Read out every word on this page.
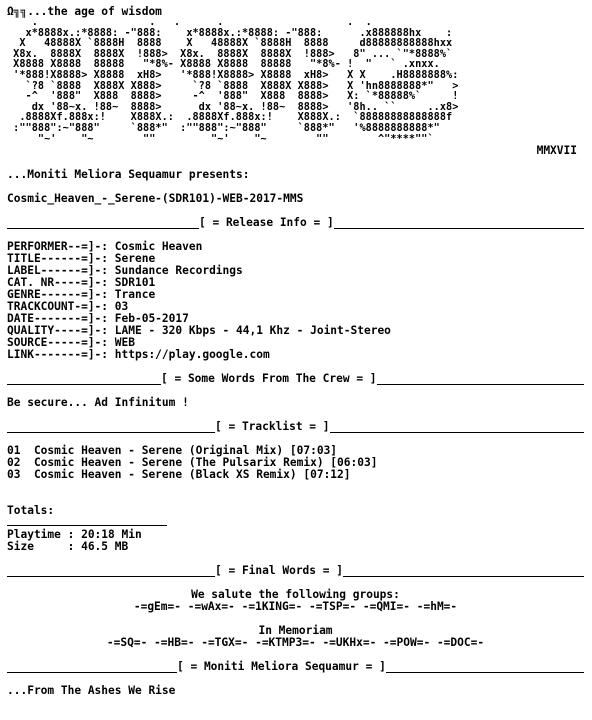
Ω╗╗...the age of wisdom
.                  .   .      .                    .  .
x*8888x.:*8888: -"888:    x*8888x.:*8888: -"888:      .x888888hx    :
X   48888X `8888H  8888    X   48888X `8888H  8888     d88888888888hxx
X8x.  8888X  8888X  !888>  X8x.  8888X  8888X  !888>   8" ... `"*8888%`
X8888 X8888  88888   "*8%- X8888 X8888  88888   "*8%- !  "   ` .xnxx.
'*888!X8888> X8888  xH8>   '*888!X8888> X8888  xH8>   X X    .H8888888%:
`?8 `8888  X888X X888>     `?8 `8888  X888X X888>   X 'hn8888888*"   >
-^  '888"  X888  8888>     -^  '888"  X888  8888>   X: `*88888%`     !
dx '88~x. !88~  8888>      dx '88~x. !88~  8888>   '8h.. ``     ..x8>
.8888Xf.888x:!    X888X.:  .8888Xf.888x:!    X888X.:  `88888888888888f
:""888":~"888"     `888*"  :""888":~"888"     `888*"   '%8888888888*"
"~'    "~        ""         "~'    "~        ""        ^"****""`
MMXVII
...Moniti Meliora Sequamur presents:
Cosmic_Heaven_-_Serene-(SDR101)-WEB-2017-MMS
[ = Release Info = ]
PERFORMER--=]-: Cosmic Heaven
TITLE------=]-: Serene
LABEL------=]-: Sundance Recordings
CAT. NR----=]-: SDR101
GENRE------=]-: Trance
TRACKCOUNT-=]-: 03
DATE-------=]-: Feb-05-2017
QUALITY----=]-: LAME - 320 Kbps - 44,1 Khz - Joint-Stereo
SOURCE-----=]-: WEB
LINK-------=]-: https://play.google.com
[ = Some Words From The Crew = ]
Be secure... Ad Infinitum !
[ = Tracklist = ]
01  Cosmic Heaven - Serene (Original Mix) [07:03]
02  Cosmic Heaven - Serene (The Pulsarix Remix) [06:03]
03  Cosmic Heaven - Serene (Black XS Remix) [07:12]
Totals:
Playtime : 20:18 Min
Size     : 46.5 MB
[ = Final Words = ]
We salute the following groups:
-=gEm=- -=wAx=- -=1KING=- -=TSP=- -=QMI=- -=hM=-
In Memoriam
-=SQ=- -=HB=- -=TGX=- -=KTMP3=- -=UKHx=- -=POW=- -=DOC=-
[ = Moniti Meliora Sequamur = ]
...From The Ashes We Rise
